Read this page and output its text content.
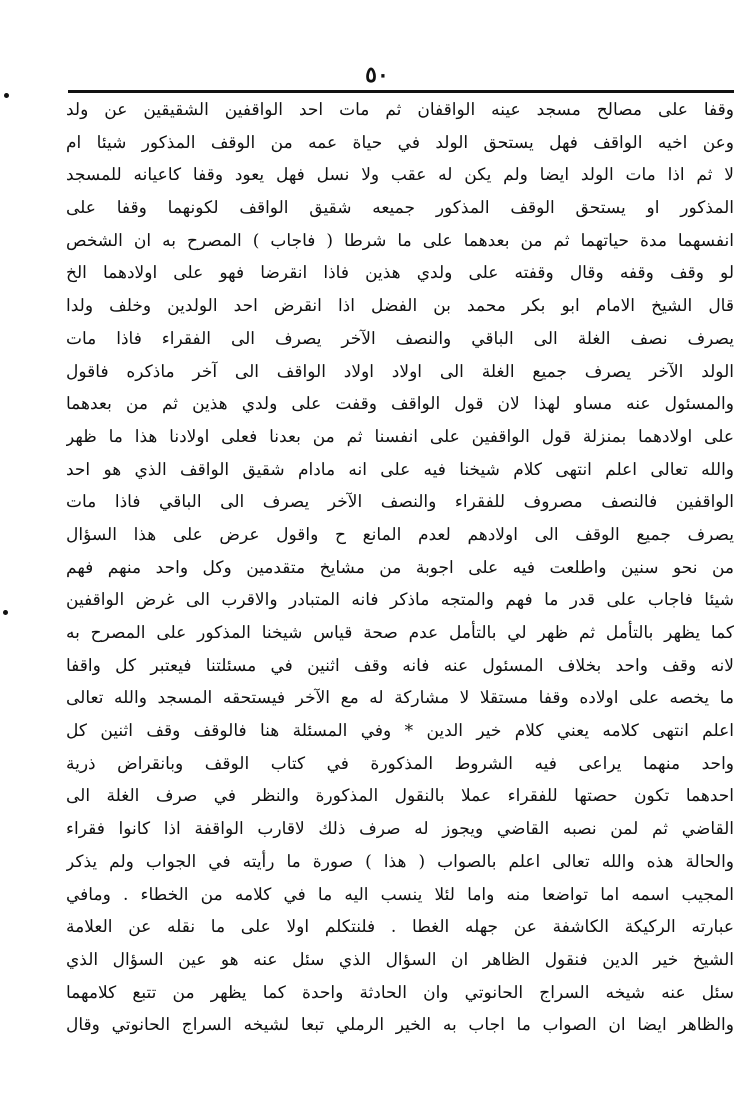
٥٠
وقفا على مصالح مسجد عينه الواقفان ثم مات احد الواقفين الشقيقين عن ولد
وعن اخيه الواقف فهل يستحق الولد في حياة عمه من الوقف المذكور شيئا ام
لا ثم اذا مات الولد ايضا ولم يكن له عقب ولا نسل فهل يعود وقفا كاعيانه للمسجد
المذكور او يستحق الوقف المذكور جميعه شقيق الواقف لكونهما وقفا على
انفسهما مدة حياتهما ثم من بعدهما على ما شرطا ( فاجاب ) المصرح به ان الشخص
لو وقف وقفه وقال وقفته على ولدي هذين فاذا انقرضا فهو على اولادهما الخ
قال الشيخ الامام ابو بكر محمد بن الفضل اذا انقرض احد الولدين وخلف ولدا
يصرف نصف الغلة الى الباقي والنصف الآخر يصرف الى الفقراء فاذا مات
الولد الآخر يصرف جميع الغلة الى اولاد اولاد الواقف الى آخر ماذكره فاقول
والمسئول عنه مساو لهذا لان قول الواقف وقفت على ولدي هذين ثم من بعدهما
على اولادهما بمنزلة قول الواقفين على انفسنا ثم من بعدنا فعلى اولادنا هذا ما ظهر
والله تعالى اعلم انتهى كلام شيخنا فيه على انه مادام شقيق الواقف الذي هو احد
الواقفين فالنصف مصروف للفقراء والنصف الآخر يصرف الى الباقي فاذا مات
يصرف جميع الوقف الى اولادهم لعدم المانع ح واقول عرض على هذا السؤال
من نحو سنين واطلعت فيه على اجوبة من مشايخ متقدمين وكل واحد منهم فهم
شيئا فاجاب على قدر ما فهم والمتجه ماذكر فانه المتبادر والاقرب الى غرض الواقفين
كما يظهر بالتأمل ثم ظهر لي بالتأمل عدم صحة قياس شيخنا المذكور على المصرح به
لانه وقف واحد بخلاف المسئول عنه فانه وقف اثنين في مسئلتنا فيعتبر كل واقفا
ما يخصه على اولاده وقفا مستقلا لا مشاركة له مع الآخر فيستحقه المسجد والله تعالى
اعلم انتهى كلامه يعني كلام خير الدين * وفي المسئلة هنا فالوقف وقف اثنين كل
واحد منهما يراعى فيه الشروط المذكورة في كتاب الوقف وبانقراض ذرية
احدهما تكون حصتها للفقراء عملا بالنقول المذكورة والنظر في صرف الغلة الى
القاضي ثم لمن نصبه القاضي ويجوز له صرف ذلك لاقارب الواقفة اذا كانوا فقراء
والحالة هذه والله تعالى اعلم بالصواب ( هذا ) صورة ما رأيته في الجواب ولم يذكر
المجيب اسمه اما تواضعا منه واما لئلا ينسب اليه ما في كلامه من الخطاء . ومافي
عبارته الركيكة الكاشفة عن جهله الغطا . فلنتكلم اولا على ما نقله عن العلامة
الشيخ خير الدين فنقول الظاهر ان السؤال الذي سئل عنه هو عين السؤال الذي
سئل عنه شيخه السراج الحانوتي وان الحادثة واحدة كما يظهر من تتبع كلامهما
والظاهر ايضا ان الصواب ما اجاب به الخير الرملي تبعا لشيخه السراج الحانوتي وقال
